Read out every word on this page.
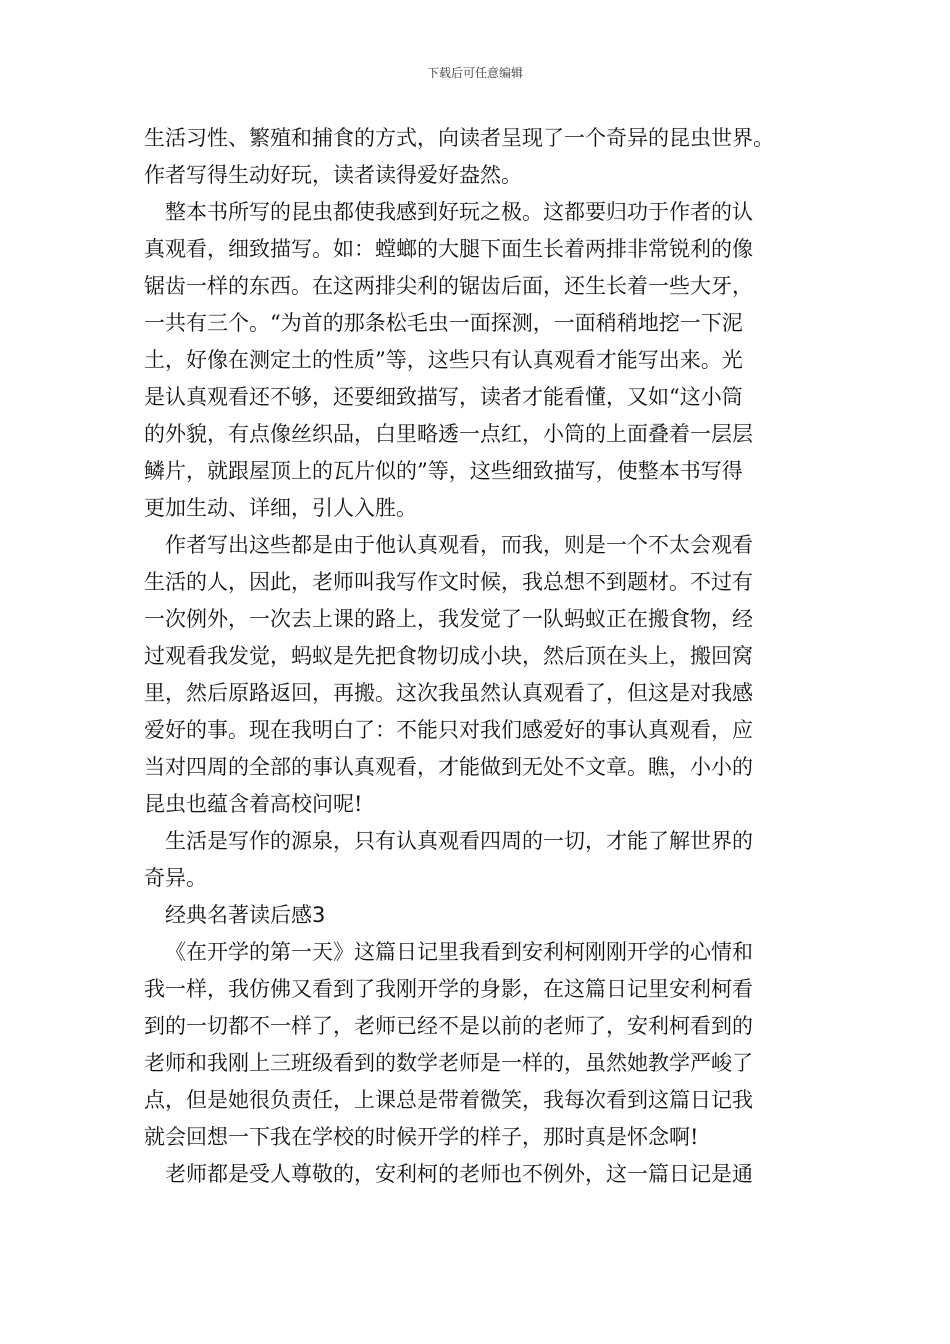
下载后可任意编辑
生活习性、繁殖和捕食的方式，向读者呈现了一个奇异的昆虫世界。
作者写得生动好玩，读者读得爱好盎然。
整本书所写的昆虫都使我感到好玩之极。这都要归功于作者的认
真观看，细致描写。如：螳螂的大腿下面生长着两排非常锐利的像
锯齿一样的东西。在这两排尖利的锯齿后面，还生长着一些大牙，
一共有三个。“为首的那条松毛虫一面探测，一面稍稍地挖一下泥
土，好像在测定土的性质”等，这些只有认真观看才能写出来。光
是认真观看还不够，还要细致描写，读者才能看懂，又如“这小筒
的外貌，有点像丝织品，白里略透一点红，小筒的上面叠着一层层
鳞片，就跟屋顶上的瓦片似的”等，这些细致描写，使整本书写得
更加生动、详细，引人入胜。
作者写出这些都是由于他认真观看，而我，则是一个不太会观看
生活的人，因此，老师叫我写作文时候，我总想不到题材。不过有
一次例外，一次去上课的路上，我发觉了一队蚂蚁正在搬食物，经
过观看我发觉，蚂蚁是先把食物切成小块，然后顶在头上，搬回窝
里，然后原路返回，再搬。这次我虽然认真观看了，但这是对我感
爱好的事。现在我明白了：不能只对我们感爱好的事认真观看，应
当对四周的全部的事认真观看，才能做到无处不文章。瞧，小小的
昆虫也蕴含着高校问呢!
生活是写作的源泉，只有认真观看四周的一切，才能了解世界的
奇异。
经典名著读后感3
《在开学的第一天》这篇日记里我看到安利柯刚刚开学的心情和
我一样，我仿佛又看到了我刚开学的身影，在这篇日记里安利柯看
到的一切都不一样了，老师已经不是以前的老师了，安利柯看到的
老师和我刚上三班级看到的数学老师是一样的，虽然她教学严峻了
点，但是她很负责任，上课总是带着微笑，我每次看到这篇日记我
就会回想一下我在学校的时候开学的样子，那时真是怀念啊!
老师都是受人尊敬的，安利柯的老师也不例外，这一篇日记是通
